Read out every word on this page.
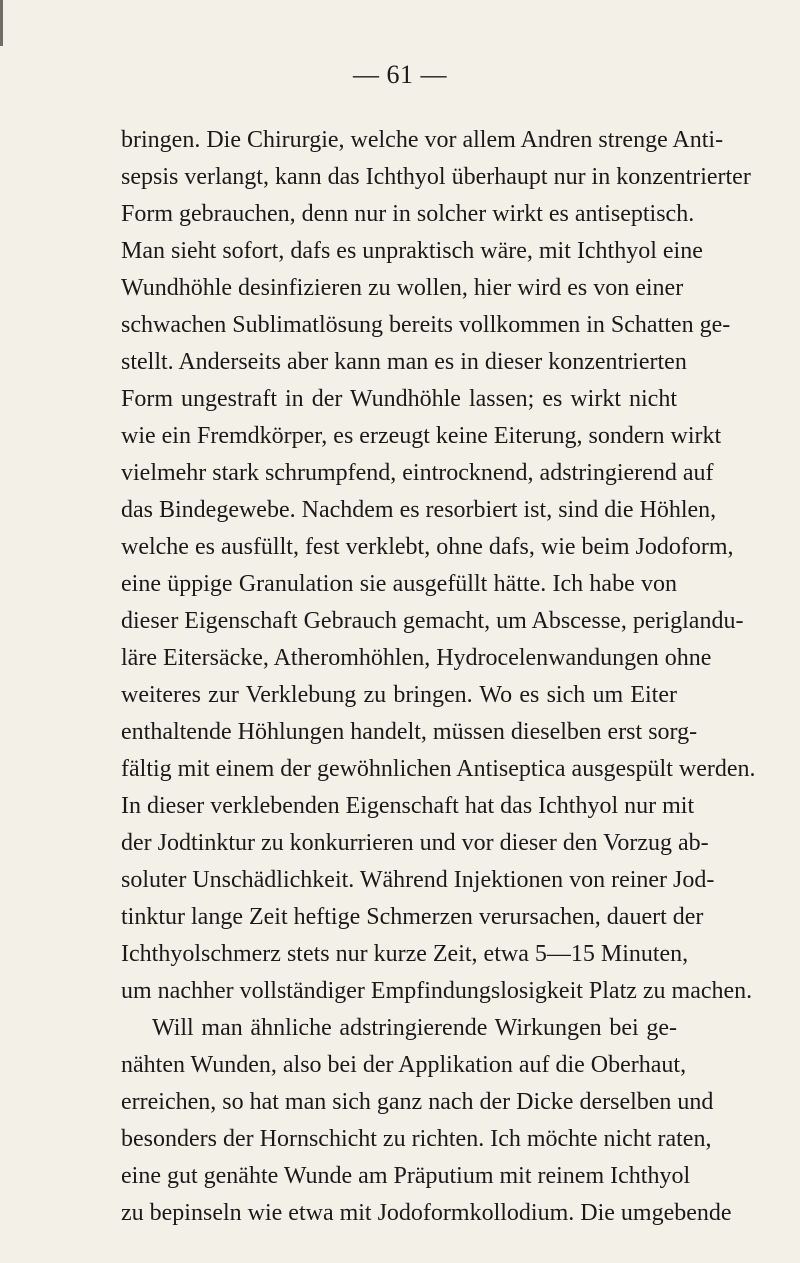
— 61 —
bringen. Die Chirurgie, welche vor allem Andren strenge Anti-
sepsis verlangt, kann das Ichthyol überhaupt nur in konzentrierter
Form gebrauchen, denn nur in solcher wirkt es antiseptisch.
Man sieht sofort, dafs es unpraktisch wäre, mit Ichthyol eine
Wundhöhle desinfizieren zu wollen, hier wird es von einer
schwachen Sublimatlösung bereits vollkommen in Schatten ge-
stellt. Anderseits aber kann man es in dieser konzentrierten
Form ungestraft in der Wundhöhle lassen; es wirkt nicht
wie ein Fremdkörper, es erzeugt keine Eiterung, sondern wirkt
vielmehr stark schrumpfend, eintrocknend, adstringierend auf
das Bindegewebe. Nachdem es resorbiert ist, sind die Höhlen,
welche es ausfüllt, fest verklebt, ohne dafs, wie beim Jodoform,
eine üppige Granulation sie ausgefüllt hätte. Ich habe von
dieser Eigenschaft Gebrauch gemacht, um Abscesse, periglandu-
läre Eitersäcke, Atheromhöhlen, Hydrocelenwandungen ohne
weiteres zur Verklebung zu bringen. Wo es sich um Eiter
enthaltende Höhlungen handelt, müssen dieselben erst sorg-
fältig mit einem der gewöhnlichen Antiseptica ausgespült werden.
In dieser verklebenden Eigenschaft hat das Ichthyol nur mit
der Jodtinktur zu konkurrieren und vor dieser den Vorzug ab-
soluter Unschädlichkeit. Während Injektionen von reiner Jod-
tinktur lange Zeit heftige Schmerzen verursachen, dauert der
Ichthyolschmerz stets nur kurze Zeit, etwa 5—15 Minuten,
um nachher vollständiger Empfindungslosigkeit Platz zu machen.
Will man ähnliche adstringierende Wirkungen bei ge-
nähten Wunden, also bei der Applikation auf die Oberhaut,
erreichen, so hat man sich ganz nach der Dicke derselben und
besonders der Hornschicht zu richten. Ich möchte nicht raten,
eine gut genähte Wunde am Präputium mit reinem Ichthyol
zu bepinseln wie etwa mit Jodoformkollodium. Die umgebende
